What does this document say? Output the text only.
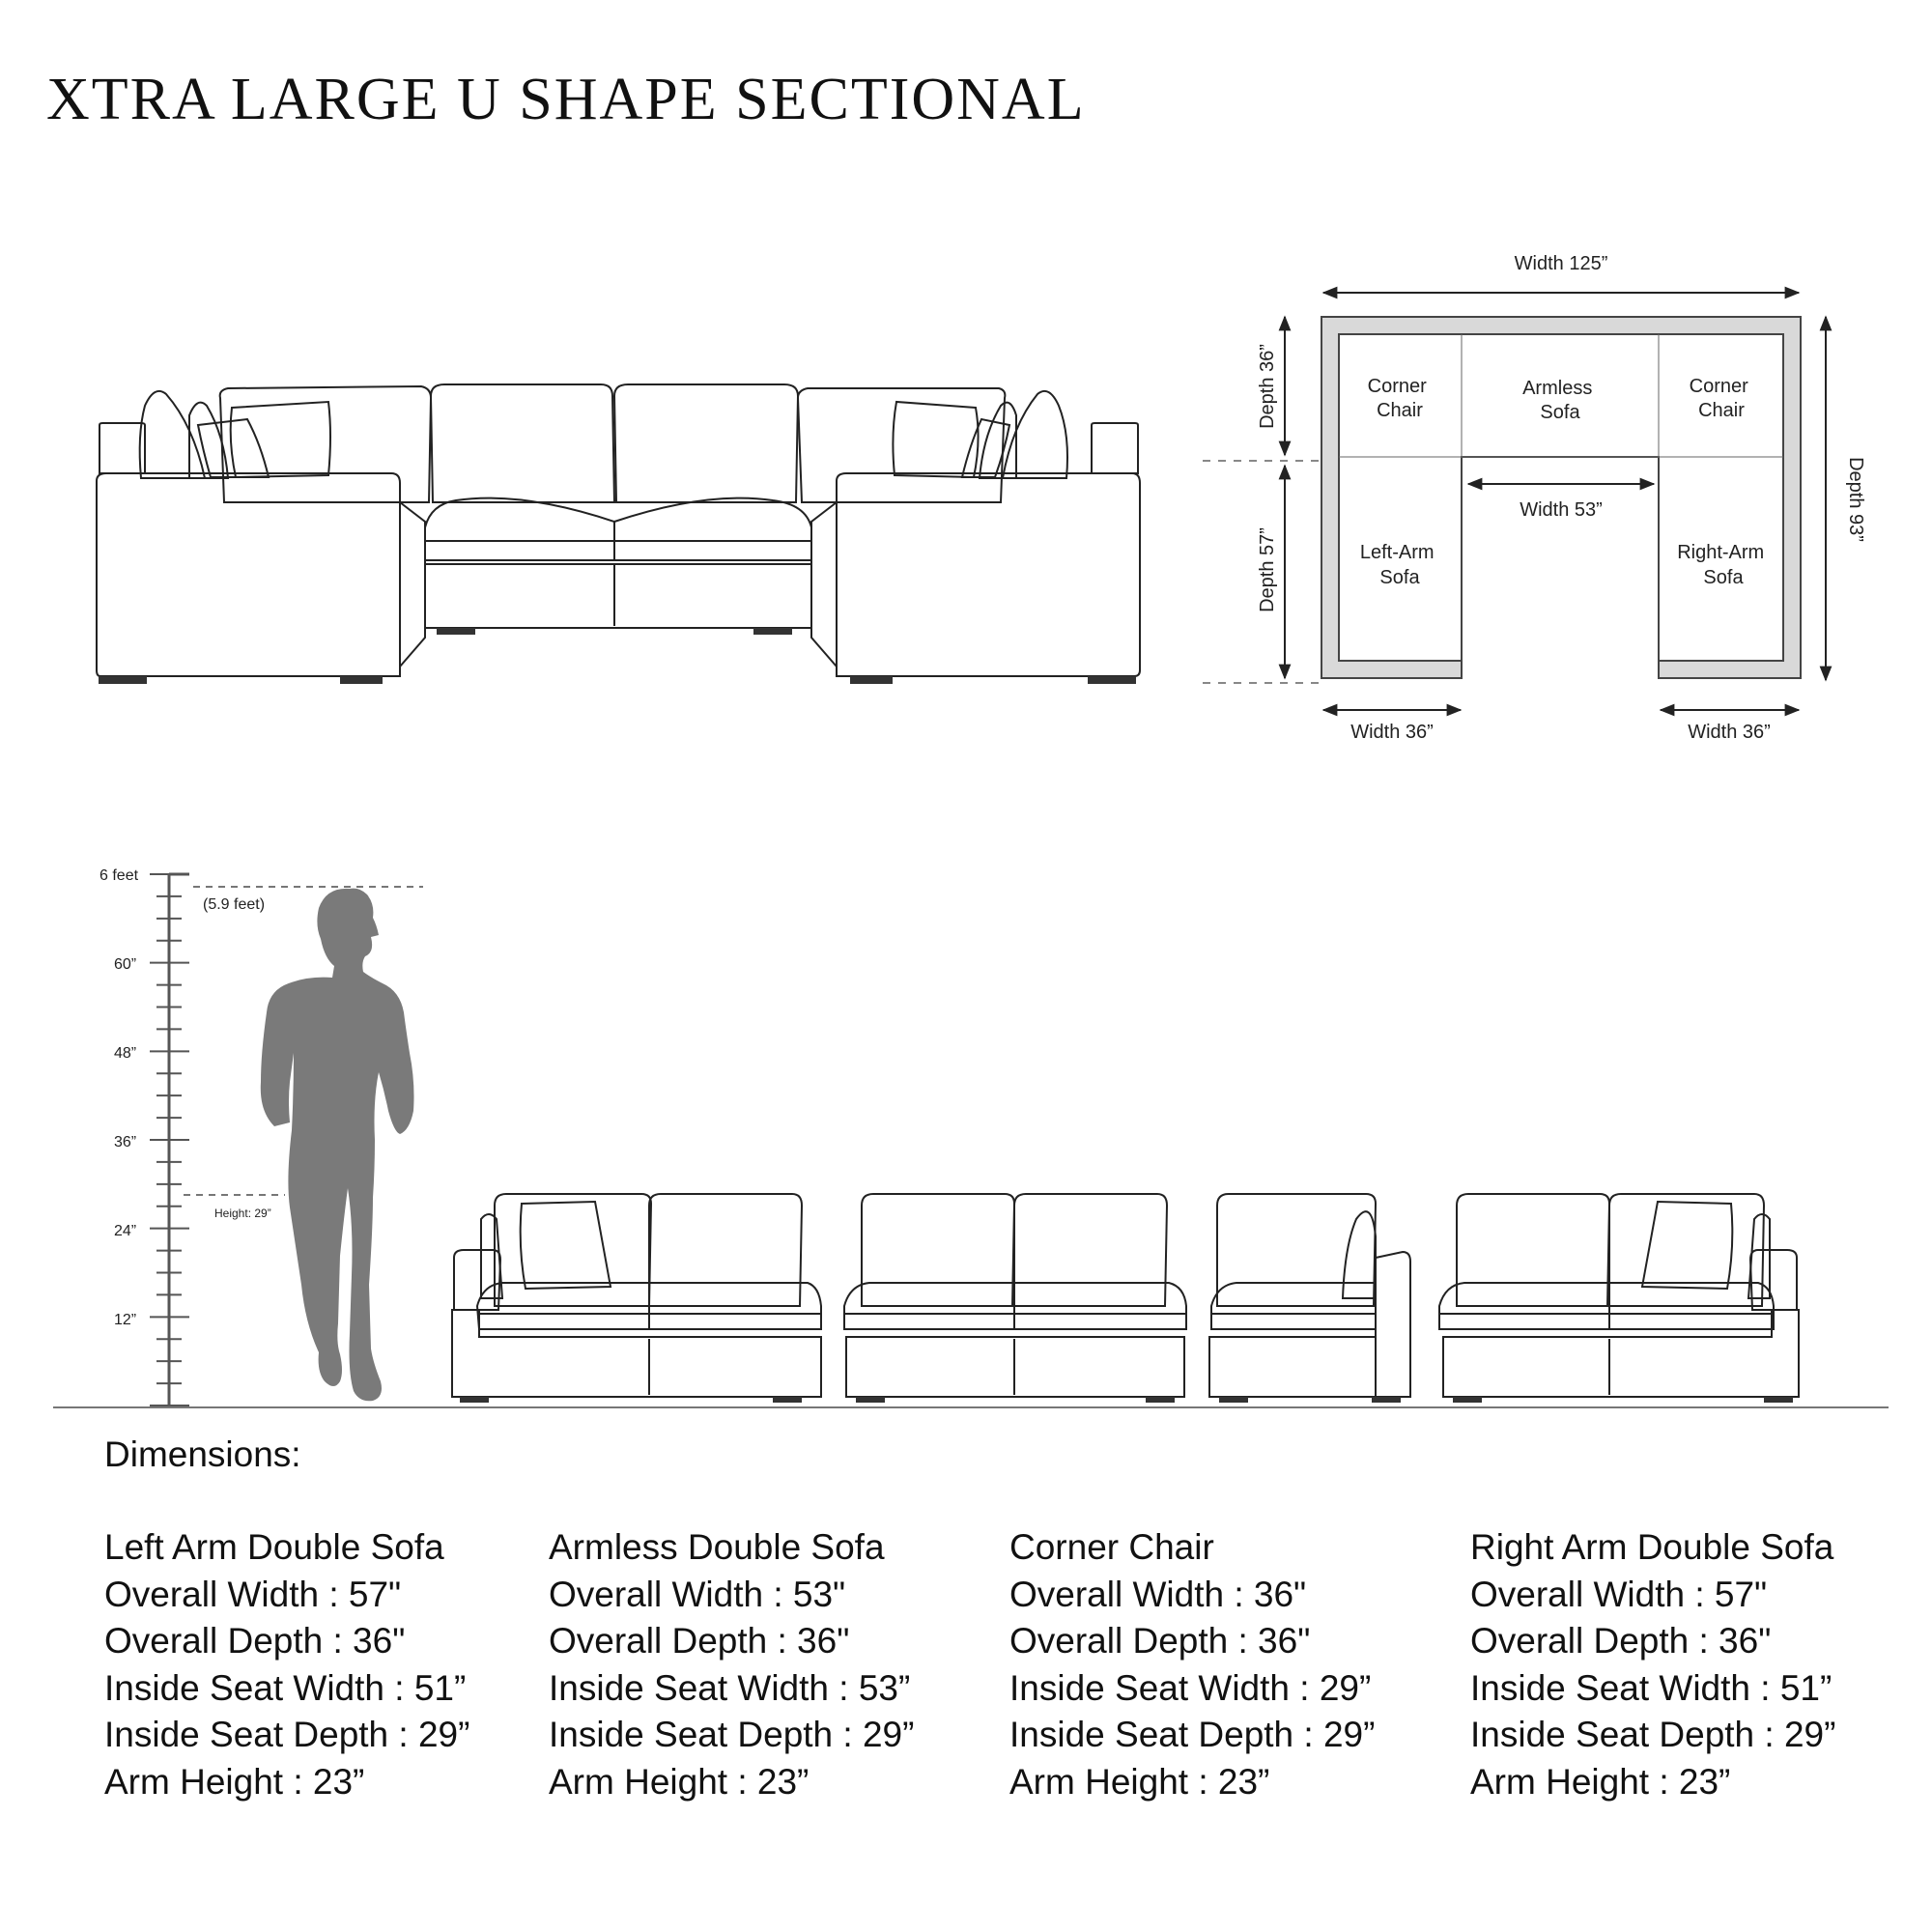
XTRA LARGE U SHAPE SECTIONAL
Width 125”
Depth 36”
Depth 57”
Depth 93”
Width 53”
Width 36”	Width 36”
Corner Chair
Armless Sofa
Corner Chair
Left-Arm Sofa
Right-Arm Sofa
6 feet
(5.9 feet)
60”
48”
36”
24”
12”
Height: 29”
Dimensions:
Left Arm Double Sofa
Overall Width : 57"
Overall Depth : 36"
Inside Seat Width : 51”
Inside Seat Depth : 29”
Arm Height : 23”
Armless Double Sofa
Overall Width : 53"
Overall Depth : 36"
Inside Seat Width : 53”
Inside Seat Depth : 29”
Arm Height : 23”
Corner Chair
Overall Width : 36"
Overall Depth : 36"
Inside Seat Width : 29”
Inside Seat Depth : 29”
Arm Height : 23”
Right Arm Double Sofa
Overall Width : 57"
Overall Depth : 36"
Inside Seat Width : 51”
Inside Seat Depth : 29”
Arm Height : 23”
